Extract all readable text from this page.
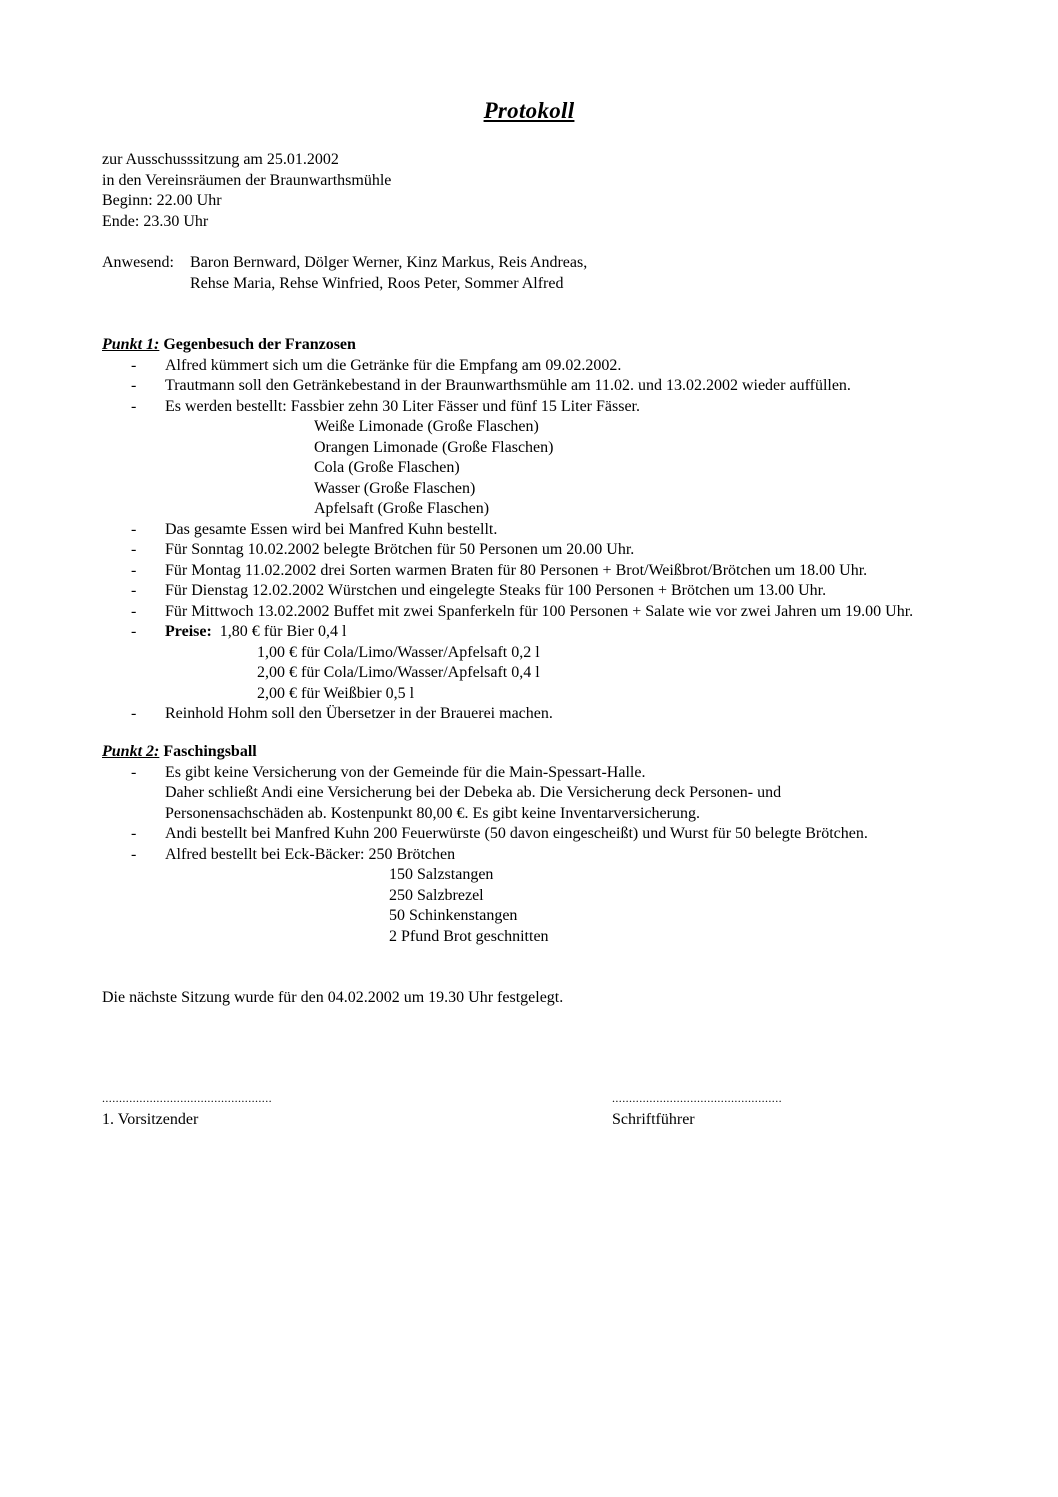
Protokoll
zur Ausschusssitzung am 25.01.2002
in den Vereinsräumen der Braunwarthsmühle
Beginn: 22.00 Uhr
Ende: 23.30 Uhr
Anwesend: Baron Bernward, Dölger Werner, Kinz Markus, Reis Andreas,
Rehse Maria, Rehse Winfried, Roos Peter, Sommer Alfred
Punkt 1: Gegenbesuch der Franzosen
- Alfred kümmert sich um die Getränke für die Empfang am 09.02.2002.
- Trautmann soll den Getränkebestand in der Braunwarthsmühle am 11.02. und 13.02.2002 wieder auffüllen.
- Es werden bestellt: Fassbier zehn 30 Liter Fässer und fünf 15 Liter Fässer.
Weiße Limonade (Große Flaschen)
Orangen Limonade (Große Flaschen)
Cola (Große Flaschen)
Wasser (Große Flaschen)
Apfelsaft (Große Flaschen)
- Das gesamte Essen wird bei Manfred Kuhn bestellt.
- Für Sonntag 10.02.2002 belegte Brötchen für 50 Personen um 20.00 Uhr.
- Für Montag 11.02.2002 drei Sorten warmen Braten für 80 Personen + Brot/Weißbrot/Brötchen um 18.00 Uhr.
- Für Dienstag 12.02.2002 Würstchen und eingelegte Steaks für 100 Personen + Brötchen um 13.00 Uhr.
- Für Mittwoch 13.02.2002 Buffet mit zwei Spanferkeln für 100 Personen + Salate wie vor zwei Jahren um 19.00 Uhr.
- Preise: 1,80 € für Bier 0,4 l
1,00 € für Cola/Limo/Wasser/Apfelsaft 0,2 l
2,00 € für Cola/Limo/Wasser/Apfelsaft 0,4 l
2,00 € für Weißbier 0,5 l
- Reinhold Hohm soll den Übersetzer in der Brauerei machen.
Punkt 2: Faschingsball
- Es gibt keine Versicherung von der Gemeinde für die Main-Spessart-Halle.
Daher schließt Andi eine Versicherung bei der Debeka ab. Die Versicherung deck Personen- und
Personensachschäden ab. Kostenpunkt 80,00 €. Es gibt keine Inventarversicherung.
- Andi bestellt bei Manfred Kuhn 200 Feuerwürste (50 davon eingescheißt) und Wurst für 50 belegte Brötchen.
- Alfred bestellt bei Eck-Bäcker: 250 Brötchen
150 Salzstangen
250 Salzbrezel
50 Schinkenstangen
2 Pfund Brot geschnitten
Die nächste Sitzung wurde für den 04.02.2002 um 19.30 Uhr festgelegt.
..................................................
1. Vorsitzender
..................................................
Schriftführer
